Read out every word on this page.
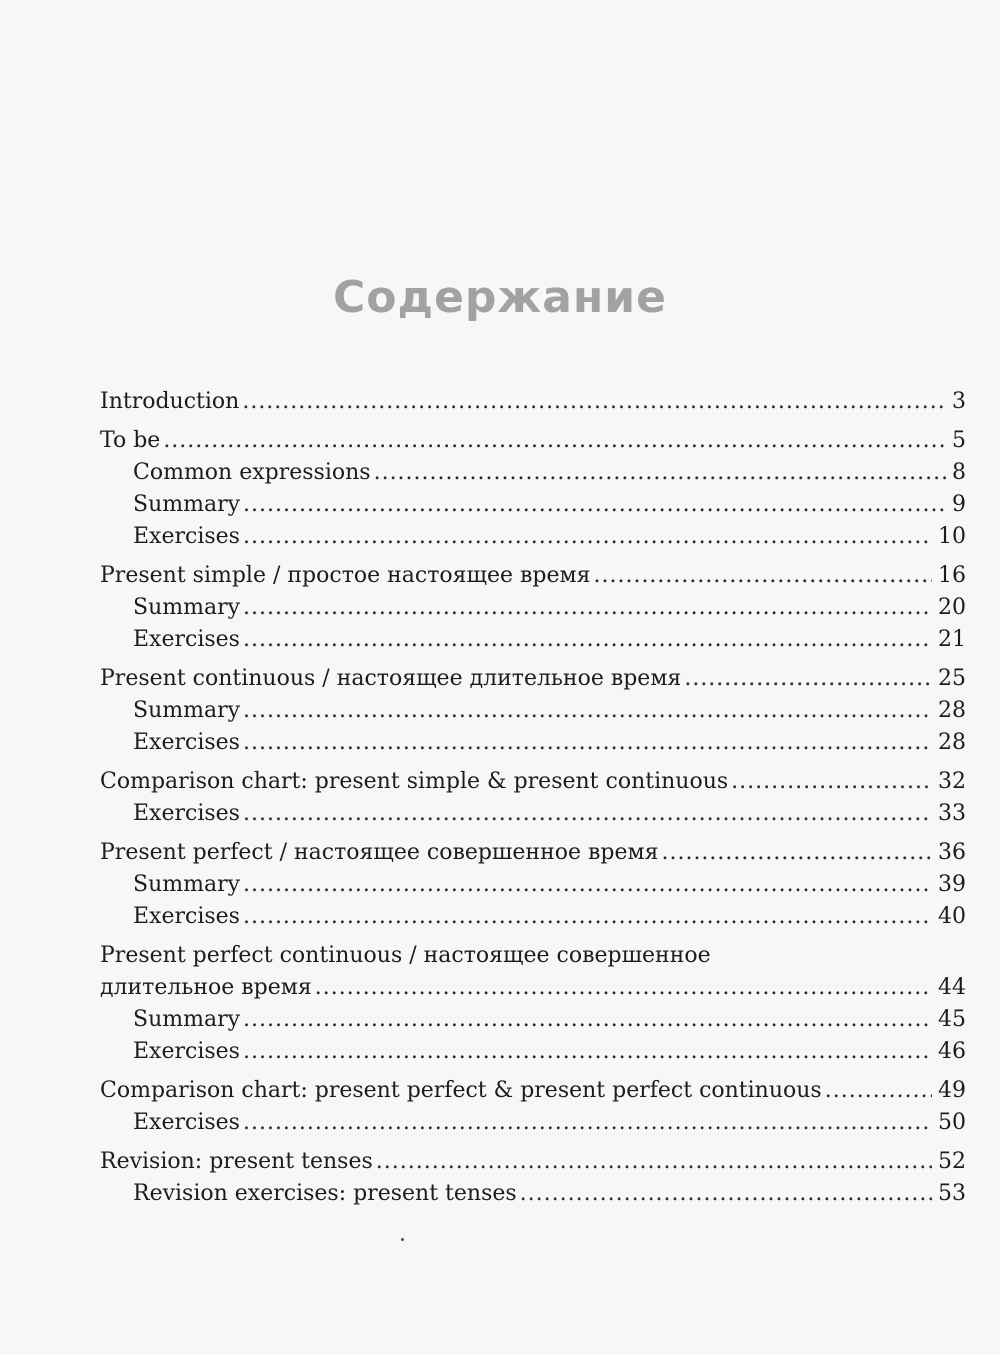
Содержание
Introduction .....	3
To be .....	5
Common expressions .....	8
Summary .....	9
Exercises .....	10
Present simple / простое настоящее время .....	16
Summary .....	20
Exercises .....	21
Present continuous / настоящее длительное время .....	25
Summary .....	28
Exercises .....	28
Comparison chart: present simple & present continuous .....	32
Exercises .....	33
Present perfect / настоящее совершенное время .....	36
Summary .....	39
Exercises .....	40
Present perfect continuous / настоящее совершенное
длительное время .....	44
Summary .....	45
Exercises .....	46
Comparison chart: present perfect & present perfect continuous .....	49
Exercises .....	50
Revision: present tenses .....	52
Revision exercises: present tenses .....	53
